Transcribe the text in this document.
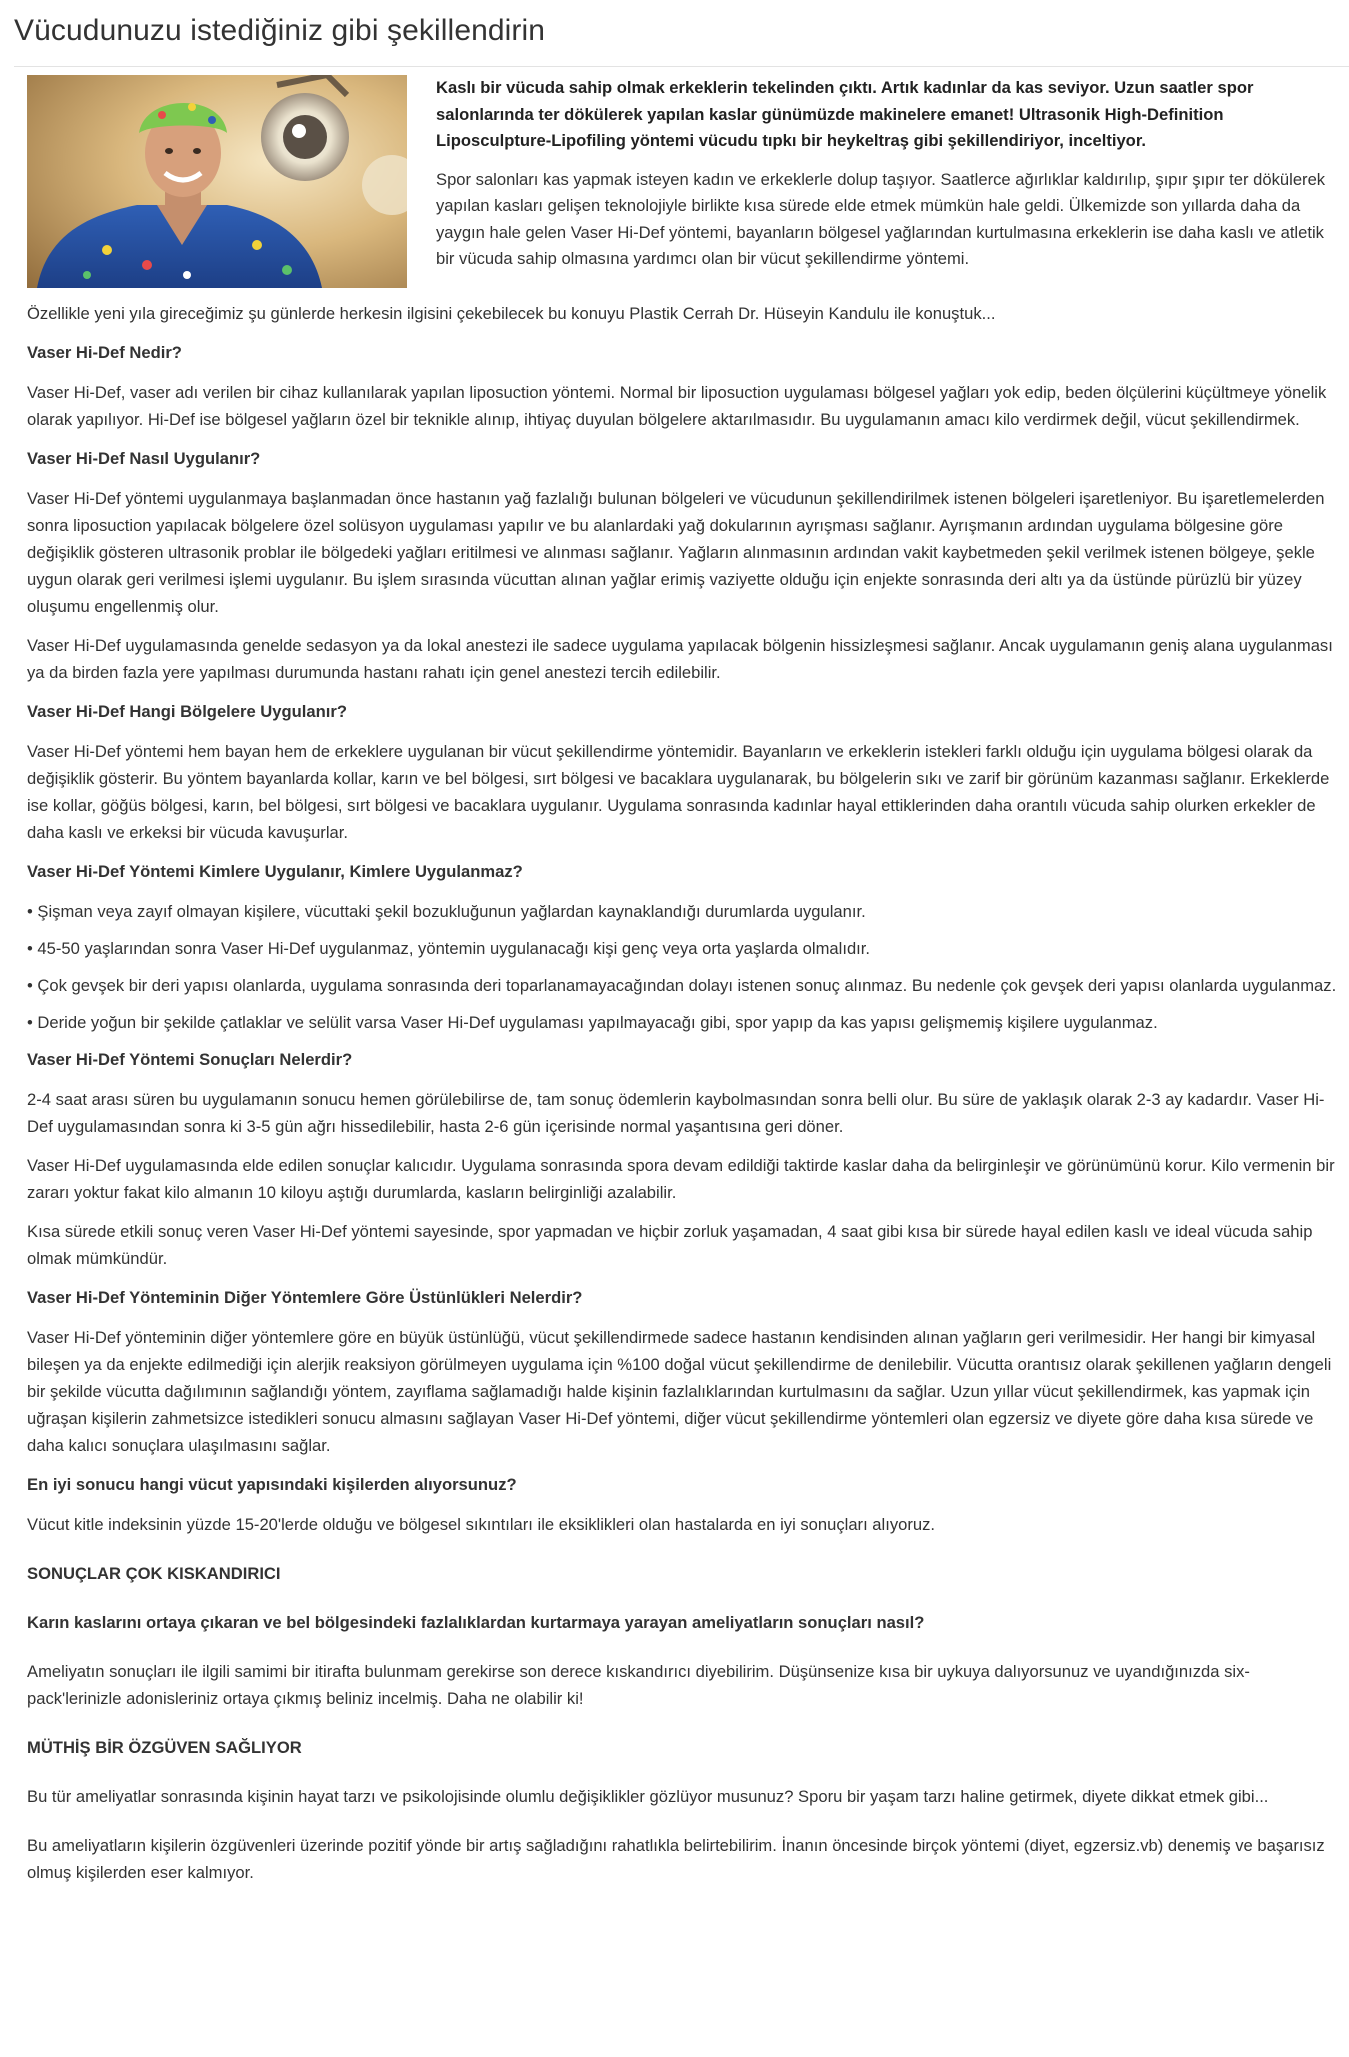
Vücudunuzu istediğiniz gibi şekillendirin

Kaslı bir vücuda sahip olmak erkeklerin tekelinden çıktı. Artık kadınlar da kas seviyor. Uzun saatler spor salonlarında ter dökülerek yapılan kaslar günümüzde makinelere emanet! Ultrasonik High-Definition Liposculpture-Lipofiling yöntemi vücudu tıpkı bir heykeltraş gibi şekillendiriyor, inceltiyor.

Spor salonları kas yapmak isteyen kadın ve erkeklerle dolup taşıyor. Saatlerce ağırlıklar kaldırılıp, şıpır şıpır ter dökülerek yapılan kasları gelişen teknolojiyle birlikte kısa sürede elde etmek mümkün hale geldi. Ülkemizde son yıllarda daha da yaygın hale gelen Vaser Hi-Def yöntemi, bayanların bölgesel yağlarından kurtulmasına erkeklerin ise daha kaslı ve atletik bir vücuda sahip olmasına yardımcı olan bir vücut şekillendirme yöntemi.

Özellikle yeni yıla gireceğimiz şu günlerde herkesin ilgisini çekebilecek bu konuyu Plastik Cerrah Dr. Hüseyin Kandulu ile konuştuk...

Vaser Hi-Def Nedir?

Vaser Hi-Def, vaser adı verilen bir cihaz kullanılarak yapılan liposuction yöntemi. Normal bir liposuction uygulaması bölgesel yağları yok edip, beden ölçülerini küçültmeye yönelik olarak yapılıyor. Hi-Def ise bölgesel yağların özel bir teknikle alınıp, ihtiyaç duyulan bölgelere aktarılmasıdır. Bu uygulamanın amacı kilo verdirmek değil, vücut şekillendirmek.

Vaser Hi-Def Nasıl Uygulanır?

Vaser Hi-Def yöntemi uygulanmaya başlanmadan önce hastanın yağ fazlalığı bulunan bölgeleri ve vücudunun şekillendirilmek istenen bölgeleri işaretleniyor. Bu işaretlemelerden sonra liposuction yapılacak bölgelere özel solüsyon uygulaması yapılır ve bu alanlardaki yağ dokularının ayrışması sağlanır. Ayrışmanın ardından uygulama bölgesine göre değişiklik gösteren ultrasonik problar ile bölgedeki yağları eritilmesi ve alınması sağlanır. Yağların alınmasının ardından vakit kaybetmeden şekil verilmek istenen bölgeye, şekle uygun olarak geri verilmesi işlemi uygulanır. Bu işlem sırasında vücuttan alınan yağlar erimiş vaziyette olduğu için enjekte sonrasında deri altı ya da üstünde pürüzlü bir yüzey oluşumu engellenmiş olur.

Vaser Hi-Def uygulamasında genelde sedasyon ya da lokal anestezi ile sadece uygulama yapılacak bölgenin hissizleşmesi sağlanır. Ancak uygulamanın geniş alana uygulanması ya da birden fazla yere yapılması durumunda hastanı rahatı için genel anestezi tercih edilebilir.

Vaser Hi-Def Hangi Bölgelere Uygulanır?

Vaser Hi-Def yöntemi hem bayan hem de erkeklere uygulanan bir vücut şekillendirme yöntemidir. Bayanların ve erkeklerin istekleri farklı olduğu için uygulama bölgesi olarak da değişiklik gösterir. Bu yöntem bayanlarda kollar, karın ve bel bölgesi, sırt bölgesi ve bacaklara uygulanarak, bu bölgelerin sıkı ve zarif bir görünüm kazanması sağlanır. Erkeklerde ise kollar, göğüs bölgesi, karın, bel bölgesi, sırt bölgesi ve bacaklara uygulanır. Uygulama sonrasında kadınlar hayal ettiklerinden daha orantılı vücuda sahip olurken erkekler de daha kaslı ve erkeksi bir vücuda kavuşurlar.

Vaser Hi-Def Yöntemi Kimlere Uygulanır, Kimlere Uygulanmaz?

• Şişman veya zayıf olmayan kişilere, vücuttaki şekil bozukluğunun yağlardan kaynaklandığı durumlarda uygulanır.

• 45-50 yaşlarından sonra Vaser Hi-Def uygulanmaz, yöntemin uygulanacağı kişi genç veya orta yaşlarda olmalıdır.

• Çok gevşek bir deri yapısı olanlarda, uygulama sonrasında deri toparlanamayacağından dolayı istenen sonuç alınmaz. Bu nedenle çok gevşek deri yapısı olanlarda uygulanmaz.

• Deride yoğun bir şekilde çatlaklar ve selülit varsa Vaser Hi-Def uygulaması yapılmayacağı gibi, spor yapıp da kas yapısı gelişmemiş kişilere uygulanmaz.

Vaser Hi-Def Yöntemi Sonuçları Nelerdir?

2-4 saat arası süren bu uygulamanın sonucu hemen görülebilirse de, tam sonuç ödemlerin kaybolmasından sonra belli olur. Bu süre de yaklaşık olarak 2-3 ay kadardır. Vaser Hi-Def uygulamasından sonra ki 3-5 gün ağrı hissedilebilir, hasta 2-6 gün içerisinde normal yaşantısına geri döner.

Vaser Hi-Def uygulamasında elde edilen sonuçlar kalıcıdır. Uygulama sonrasında spora devam edildiği taktirde kaslar daha da belirginleşir ve görünümünü korur. Kilo vermenin bir zararı yoktur fakat kilo almanın 10 kiloyu aştığı durumlarda, kasların belirginliği azalabilir.

Kısa sürede etkili sonuç veren Vaser Hi-Def yöntemi sayesinde, spor yapmadan ve hiçbir zorluk yaşamadan, 4 saat gibi kısa bir sürede hayal edilen kaslı ve ideal vücuda sahip olmak mümkündür.

Vaser Hi-Def Yönteminin Diğer Yöntemlere Göre Üstünlükleri Nelerdir?

Vaser Hi-Def yönteminin diğer yöntemlere göre en büyük üstünlüğü, vücut şekillendirmede sadece hastanın kendisinden alınan yağların geri verilmesidir. Her hangi bir kimyasal bileşen ya da enjekte edilmediği için alerjik reaksiyon görülmeyen uygulama için %100 doğal vücut şekillendirme de denilebilir. Vücutta orantısız olarak şekillenen yağların dengeli bir şekilde vücutta dağılımının sağlandığı yöntem, zayıflama sağlamadığı halde kişinin fazlalıklarından kurtulmasını da sağlar. Uzun yıllar vücut şekillendirmek, kas yapmak için uğraşan kişilerin zahmetsizce istedikleri sonucu almasını sağlayan Vaser Hi-Def yöntemi, diğer vücut şekillendirme yöntemleri olan egzersiz ve diyete göre daha kısa sürede ve daha kalıcı sonuçlara ulaşılmasını sağlar.

En iyi sonucu hangi vücut yapısındaki kişilerden alıyorsunuz?

Vücut kitle indeksinin yüzde 15-20'lerde olduğu ve bölgesel sıkıntıları ile eksiklikleri olan hastalarda en iyi sonuçları alıyoruz.

SONUÇLAR ÇOK KISKANDIRICI

Karın kaslarını ortaya çıkaran ve bel bölgesindeki fazlalıklardan kurtarmaya yarayan ameliyatların sonuçları nasıl?

Ameliyatın sonuçları ile ilgili samimi bir itirafta bulunmam gerekirse son derece kıskandırıcı diyebilirim. Düşünsenize kısa bir uykuya dalıyorsunuz ve uyandığınızda six-pack'lerinizle adonisleriniz ortaya çıkmış beliniz incelmiş. Daha ne olabilir ki!

MÜTHİŞ BİR ÖZGÜVEN SAĞLIYOR

Bu tür ameliyatlar sonrasında kişinin hayat tarzı ve psikolojisinde olumlu değişiklikler gözlüyor musunuz? Sporu bir yaşam tarzı haline getirmek, diyete dikkat etmek gibi...

Bu ameliyatların kişilerin özgüvenleri üzerinde pozitif yönde bir artış sağladığını rahatlıkla belirtebilirim. İnanın öncesinde birçok yöntemi (diyet, egzersiz.vb) denemiş ve başarısız olmuş kişilerden eser kalmıyor.
